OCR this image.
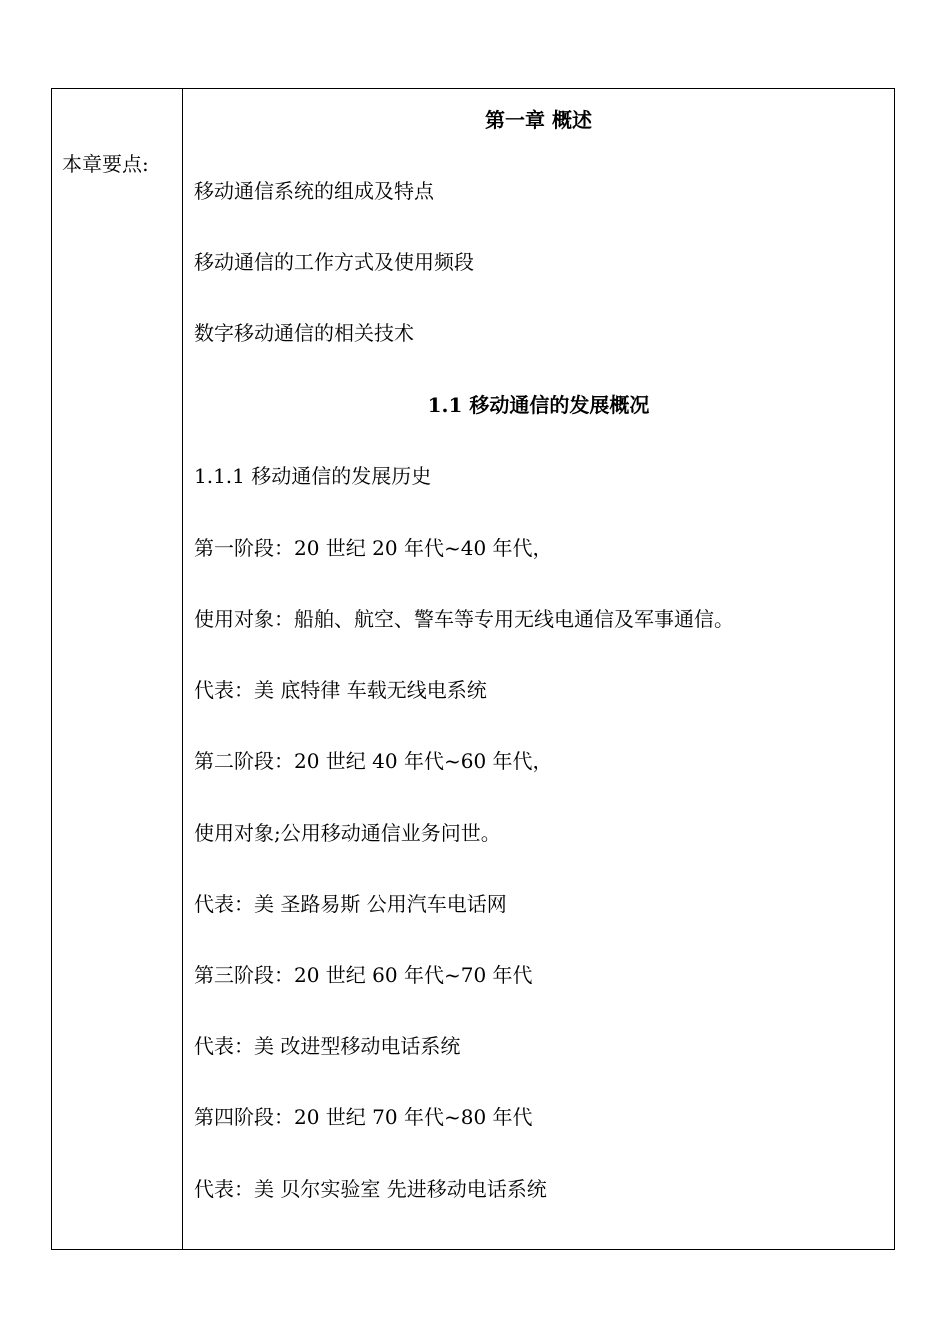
本章要点:
第一章 概述
移动通信系统的组成及特点
移动通信的工作方式及使用频段
数字移动通信的相关技术
1.1 移动通信的发展概况
1.1.1 移动通信的发展历史
第一阶段：20 世纪 20 年代~40 年代，
使用对象：船舶、航空、警车等专用无线电通信及军事通信。
代表：美 底特律 车载无线电系统
第二阶段：20 世纪 40 年代~60 年代，
使用对象;公用移动通信业务问世。
代表：美 圣路易斯 公用汽车电话网
第三阶段：20 世纪 60 年代~70 年代
代表：美 改进型移动电话系统
第四阶段：20 世纪 70 年代~80 年代
代表：美 贝尔实验室 先进移动电话系统
